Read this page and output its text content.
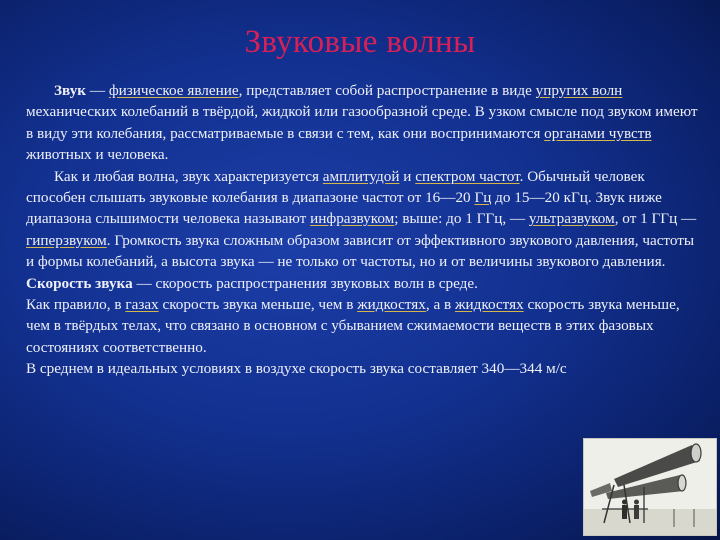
Звуковые волны

Звук — физическое явление, представляет собой распространение в виде упругих волн механических колебаний в твёрдой, жидкой или газообразной среде. В узком смысле под звуком имеют в виду эти колебания, рассматриваемые в связи с тем, как они воспринимаются органами чувств животных и человека.

Как и любая волна, звук характеризуется амплитудой и спектром частот. Обычный человек способен слышать звуковые колебания в диапазоне частот от 16—20 Гц до 15—20 кГц. Звук ниже диапазона слышимости человека называют инфразвуком; выше: до 1 ГГц, — ультразвуком, от 1 ГГц — гиперзвуком. Громкость звука сложным образом зависит от эффективного звукового давления, частоты и формы колебаний, а высота звука — не только от частоты, но и от величины звукового давления.

Скорость звука — скорость распространения звуковых волн в среде.

Как правило, в газах скорость звука меньше, чем в жидкостях, а в жидкостях скорость звука меньше, чем в твёрдых телах, что связано в основном с убыванием сжимаемости веществ в этих фазовых состояниях соответственно.

В среднем в идеальных условиях в воздухе скорость звука составляет 340—344 м/с
